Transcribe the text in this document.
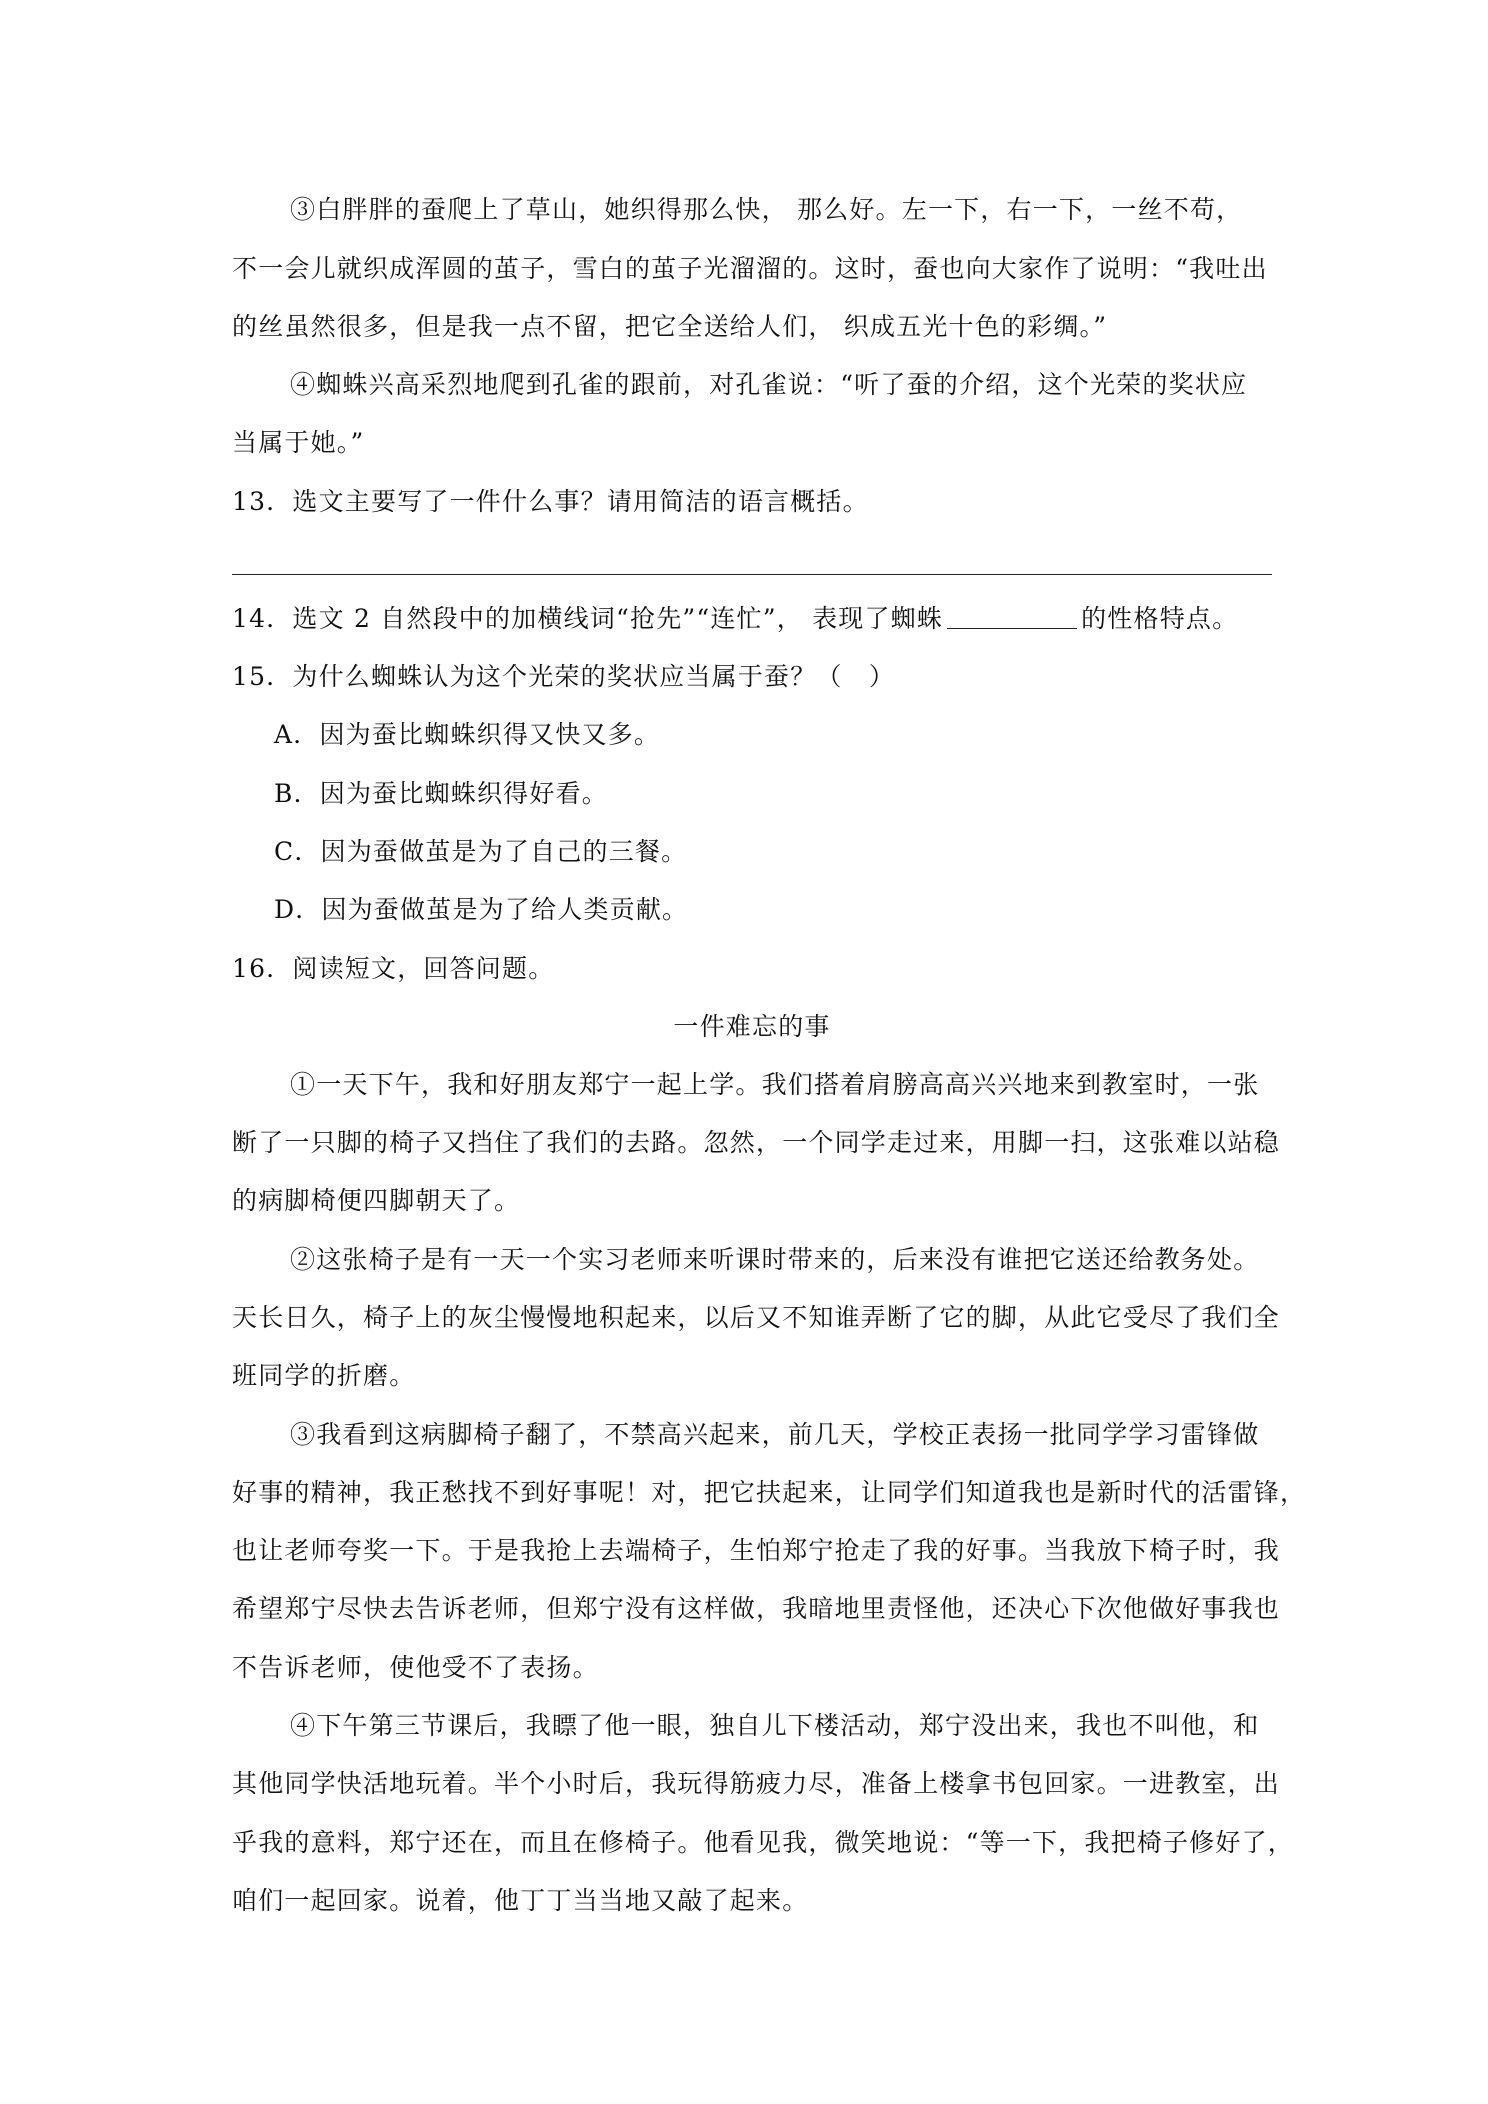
③白胖胖的蚕爬上了草山，她织得那么快， 那么好。左一下，右一下，一丝不苟，
不一会儿就织成浑圆的茧子，雪白的茧子光溜溜的。这时，蚕也向大家作了说明：“我吐出
的丝虽然很多，但是我一点不留，把它全送给人们， 织成五光十色的彩绸。”
④蜘蛛兴高采烈地爬到孔雀的跟前，对孔雀说：“听了蚕的介绍，这个光荣的奖状应
当属于她。”
13．选文主要写了一件什么事？请用简洁的语言概括。
14．选文 2 自然段中的加横线词“抢先”“连忙”， 表现了蜘蛛	的性格特点。
15．为什么蜘蛛认为这个光荣的奖状应当属于蚕？（　）
A．因为蚕比蜘蛛织得又快又多。
B．因为蚕比蜘蛛织得好看。
C．因为蚕做茧是为了自己的三餐。
D．因为蚕做茧是为了给人类贡献。
16．阅读短文，回答问题。
一件难忘的事
①一天下午，我和好朋友郑宁一起上学。我们搭着肩膀高高兴兴地来到教室时，一张
断了一只脚的椅子又挡住了我们的去路。忽然，一个同学走过来，用脚一扫，这张难以站稳
的病脚椅便四脚朝天了。
②这张椅子是有一天一个实习老师来听课时带来的，后来没有谁把它送还给教务处。
天长日久，椅子上的灰尘慢慢地积起来，以后又不知谁弄断了它的脚，从此它受尽了我们全
班同学的折磨。
③我看到这病脚椅子翻了，不禁高兴起来，前几天，学校正表扬一批同学学习雷锋做
好事的精神，我正愁找不到好事呢！对，把它扶起来，让同学们知道我也是新时代的活雷锋，
也让老师夸奖一下。于是我抢上去端椅子，生怕郑宁抢走了我的好事。当我放下椅子时，我
希望郑宁尽快去告诉老师，但郑宁没有这样做，我暗地里责怪他，还决心下次他做好事我也
不告诉老师，使他受不了表扬。
④下午第三节课后，我瞟了他一眼，独自儿下楼活动，郑宁没出来，我也不叫他，和
其他同学快活地玩着。半个小时后，我玩得筋疲力尽，准备上楼拿书包回家。一进教室，出
乎我的意料，郑宁还在，而且在修椅子。他看见我，微笑地说：“等一下，我把椅子修好了，
咱们一起回家。说着，他丁丁当当地又敲了起来。
